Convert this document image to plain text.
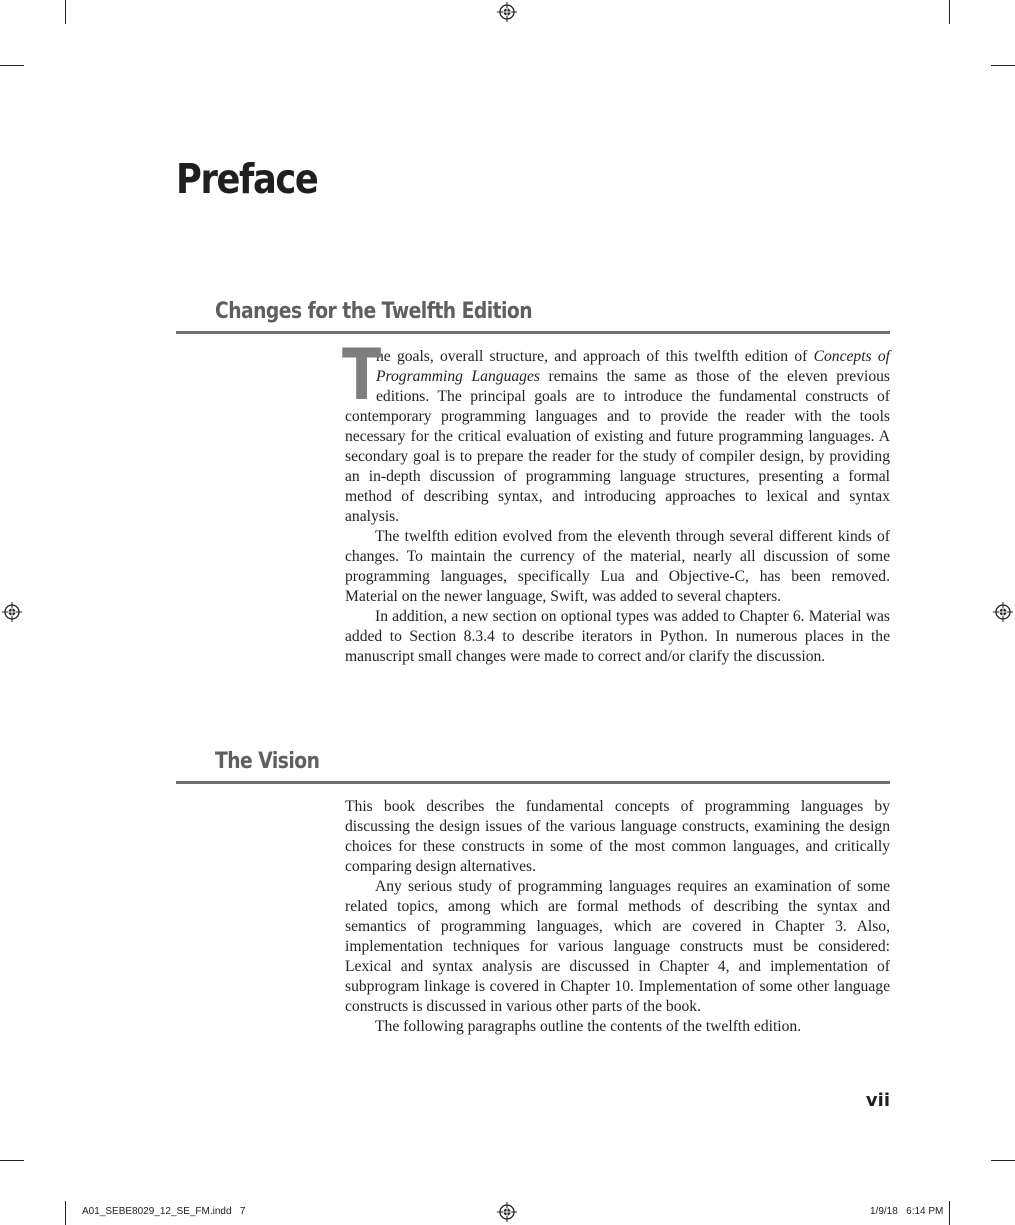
Preface
Changes for the Twelfth Edition

T
he goals, overall structure, and approach of this twelfth edition of Concepts of Programming Languages remains the same as those of the eleven previous editions. The principal goals are to introduce the fundamental constructs of contemporary programming languages and to provide the reader with the tools necessary for the critical evaluation of existing and future programming languages. A secondary goal is to prepare the reader for the study of compiler design, by providing an in-depth discussion of programming language structures, presenting a formal method of describing syntax, and introducing approaches to lexical and syntax analysis.

The twelfth edition evolved from the eleventh through several different kinds of changes. To maintain the currency of the material, nearly all discussion of some programming languages, specifically Lua and Objective-C, has been removed. Material on the newer language, Swift, was added to several chapters.

In addition, a new section on optional types was added to Chapter 6. Material was added to Section 8.3.4 to describe iterators in Python. In numerous places in the manuscript small changes were made to correct and/or clarify the discussion.

The Vision

This book describes the fundamental concepts of programming languages by discussing the design issues of the various language constructs, examining the design choices for these constructs in some of the most common languages, and critically comparing design alternatives.

Any serious study of programming languages requires an examination of some related topics, among which are formal methods of describing the syntax and semantics of programming languages, which are covered in Chapter 3. Also, implementation techniques for various language constructs must be considered: Lexical and syntax analysis are discussed in Chapter 4, and implementation of subprogram linkage is covered in Chapter 10. Implementation of some other language constructs is discussed in various other parts of the book.

The following paragraphs outline the contents of the twelfth edition.

vii
A01_SEBE8029_12_SE_FM.indd   7	1/9/18   6:14 PM
